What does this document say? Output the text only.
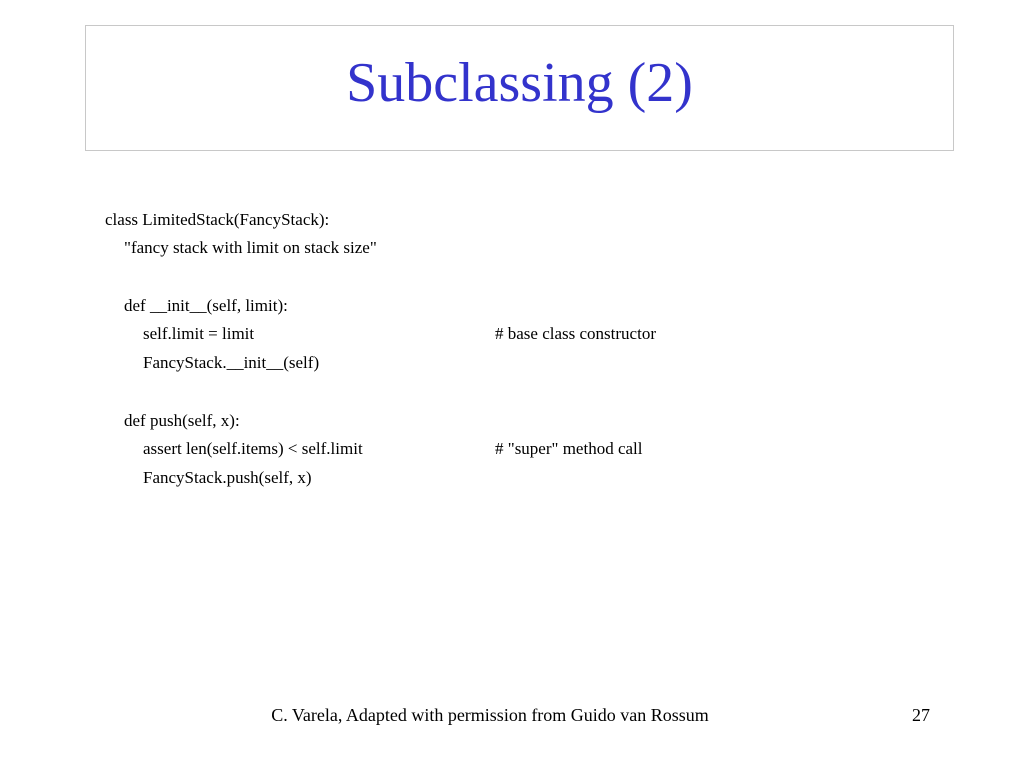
Subclassing (2)

class LimitedStack(FancyStack):

"fancy stack with limit on stack size"

def __init__(self, limit):

self.limit = limit

FancyStack.__init__(self)

# base class constructor

def push(self, x):

assert len(self.items) < self.limit

FancyStack.push(self, x)

# "super" method call

C. Varela, Adapted with permission from Guido van Rossum	27
